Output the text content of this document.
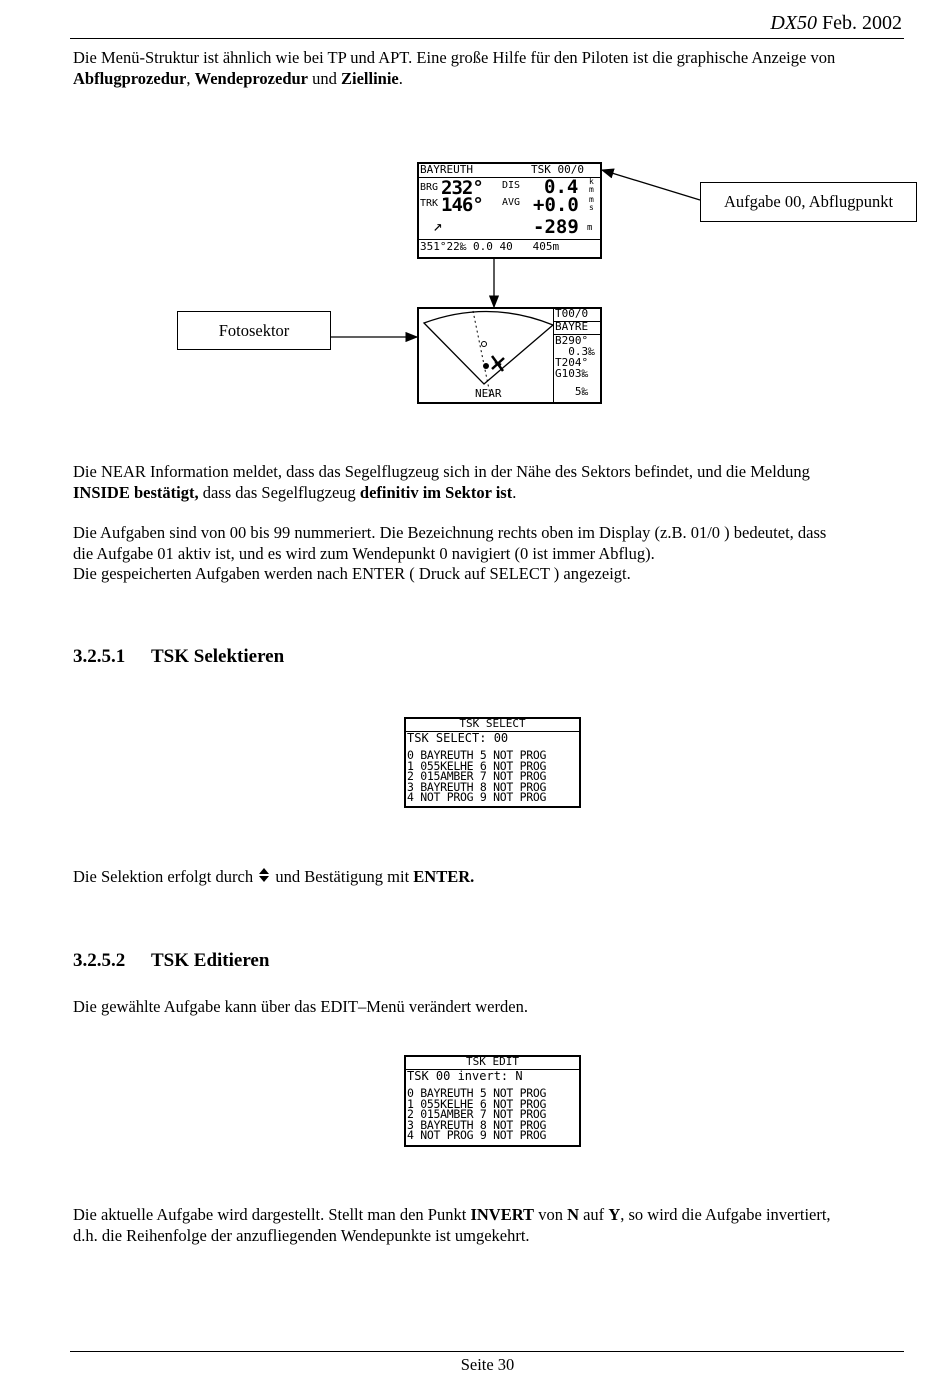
DX50 Feb. 2002
Die Menü-Struktur ist ähnlich wie bei TP und APT. Eine große Hilfe für den Piloten ist die graphische Anzeige von
Abflugprozedur, Wendeprozedur und Ziellinie.
Aufgabe 00, Abflugpunkt
Fotosektor
BAYREUTH	TSK 00/0
BRG 232° DIS 0.4 k
m
TRK 146° AVG +0.0 m
s
↗	-289 m
351°22‰ 0.0 40   405m
NEAR
T00/0
BAYRE
B290°
0.3‰
T204°
G103‰
5‰
Die NEAR Information meldet, dass das Segelflugzeug sich in der Nähe des Sektors befindet, und die Meldung
INSIDE bestätigt, dass das Segelflugzeug definitiv im Sektor ist.
Die Aufgaben sind von 00 bis 99 nummeriert. Die Bezeichnung rechts oben im Display (z.B. 01/0 ) bedeutet, dass
die Aufgabe 01 aktiv ist, und es wird zum Wendepunkt 0 navigiert (0 ist immer Abflug).
Die gespeicherten Aufgaben werden nach ENTER ( Druck auf SELECT ) angezeigt.
3.2.5.1 TSK Selektieren
TSK SELECT
TSK SELECT: 00
0 BAYREUTH 5 NOT PROG
1 055KELHE 6 NOT PROG
2 015AMBER 7 NOT PROG
3 BAYREUTH 8 NOT PROG
4 NOT PROG 9 NOT PROG
Die Selektion erfolgt durch  und Bestätigung mit ENTER.
3.2.5.2 TSK Editieren
Die gewählte Aufgabe kann über das EDIT–Menü verändert werden.
TSK EDIT
TSK 00 invert: N
0 BAYREUTH 5 NOT PROG
1 055KELHE 6 NOT PROG
2 015AMBER 7 NOT PROG
3 BAYREUTH 8 NOT PROG
4 NOT PROG 9 NOT PROG
Die aktuelle Aufgabe wird dargestellt. Stellt man den Punkt INVERT von N auf Y, so wird die Aufgabe invertiert,
d.h. die Reihenfolge der anzufliegenden Wendepunkte ist umgekehrt.
Seite 30
